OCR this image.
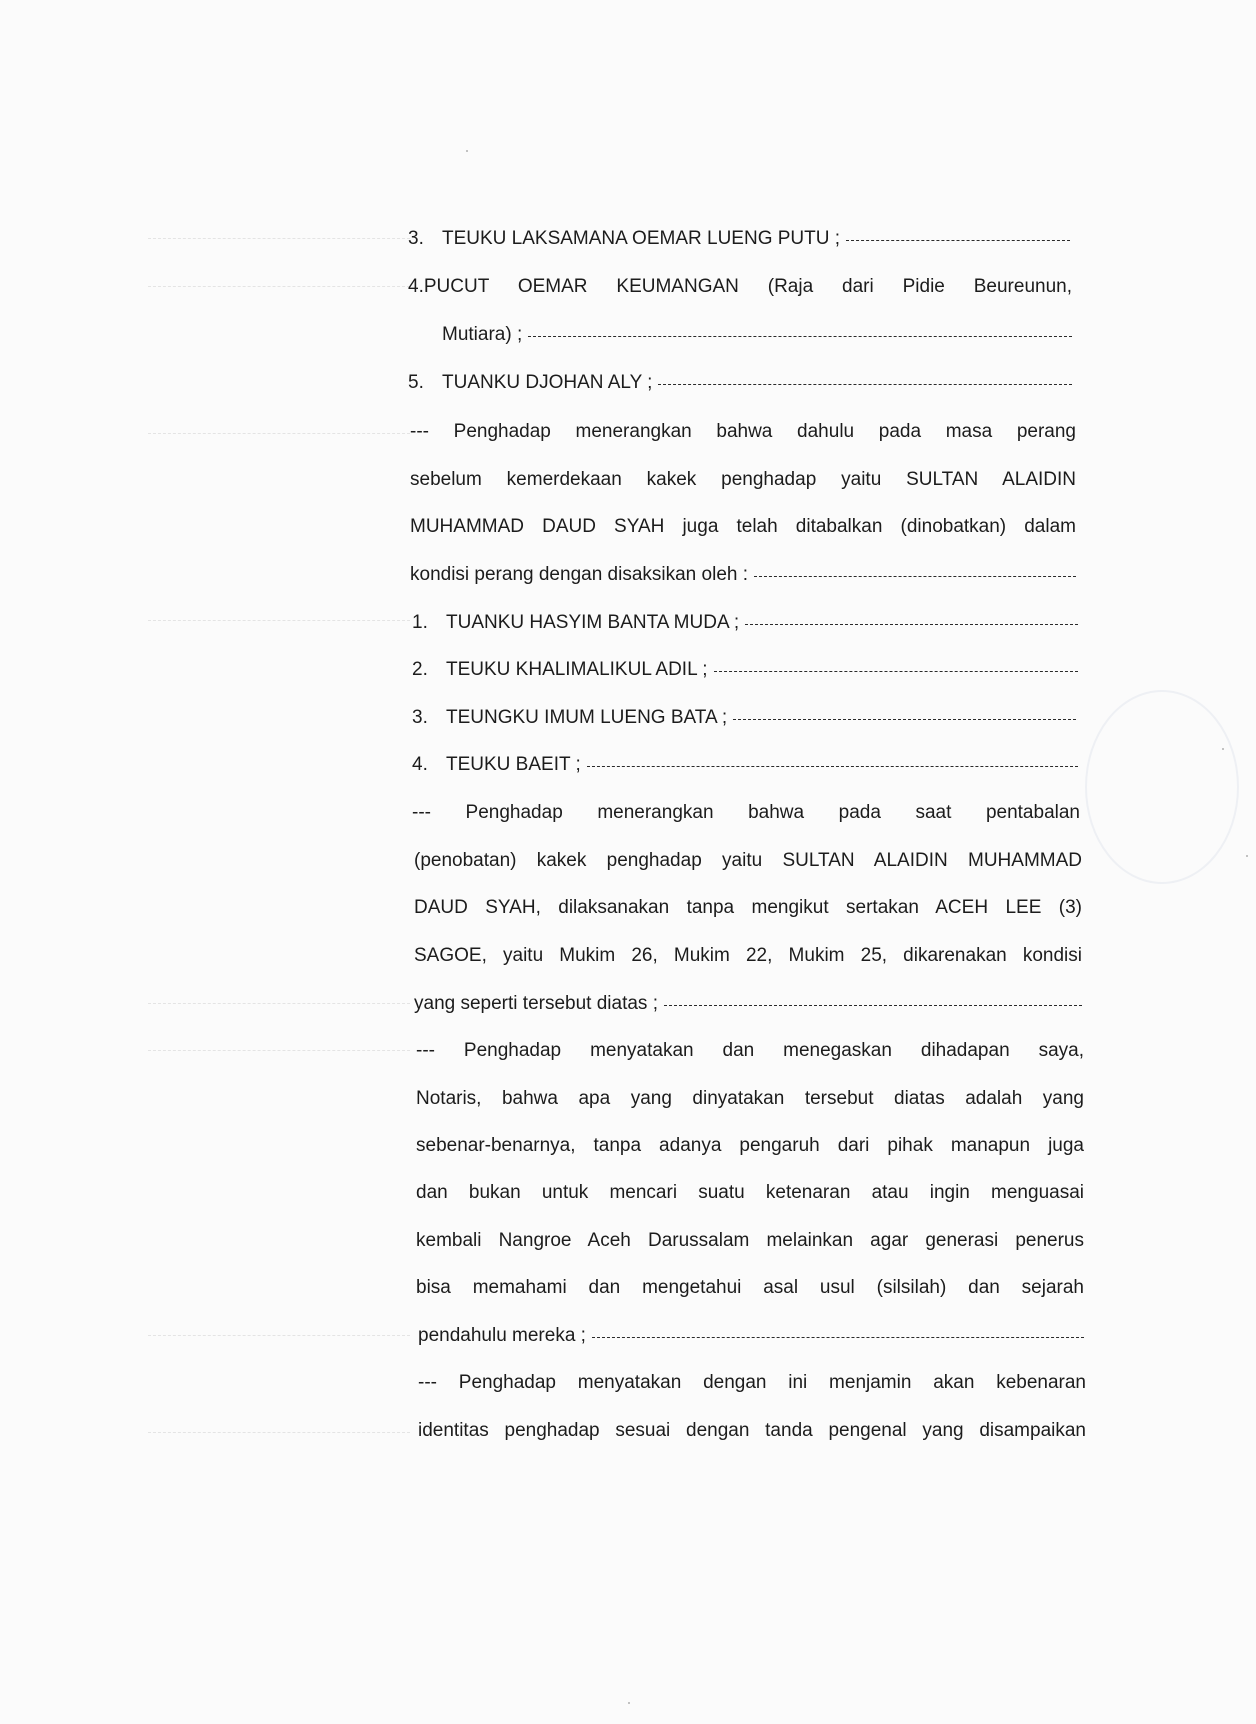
3. TEUKU LAKSAMANA OEMAR LUENG PUTU ;
4.PUCUT OEMAR KEUMANGAN (Raja dari Pidie Beureunun,
Mutiara) ;
5. TUANKU DJOHAN ALY ;
--- Penghadap menerangkan bahwa dahulu pada masa perang
sebelum kemerdekaan kakek penghadap yaitu SULTAN ALAIDIN
MUHAMMAD DAUD SYAH juga telah ditabalkan (dinobatkan) dalam
kondisi perang dengan disaksikan oleh :
1. TUANKU HASYIM BANTA MUDA ;
2. TEUKU KHALIMALIKUL ADIL ;
3. TEUNGKU IMUM LUENG BATA ;
4. TEUKU BAEIT ;
--- Penghadap menerangkan bahwa pada saat pentabalan
(penobatan) kakek penghadap yaitu SULTAN ALAIDIN MUHAMMAD
DAUD SYAH, dilaksanakan tanpa mengikut sertakan ACEH LEE (3)
SAGOE, yaitu Mukim 26, Mukim 22, Mukim 25, dikarenakan kondisi
yang seperti tersebut diatas ;
--- Penghadap menyatakan dan menegaskan dihadapan saya,
Notaris, bahwa apa yang dinyatakan tersebut diatas adalah yang
sebenar-benarnya, tanpa adanya pengaruh dari pihak manapun juga
dan bukan untuk mencari suatu ketenaran atau ingin menguasai
kembali Nangroe Aceh Darussalam melainkan agar generasi penerus
bisa memahami dan mengetahui asal usul (silsilah) dan sejarah
pendahulu mereka ;
--- Penghadap menyatakan dengan ini menjamin akan kebenaran
identitas penghadap sesuai dengan tanda pengenal yang disampaikan
